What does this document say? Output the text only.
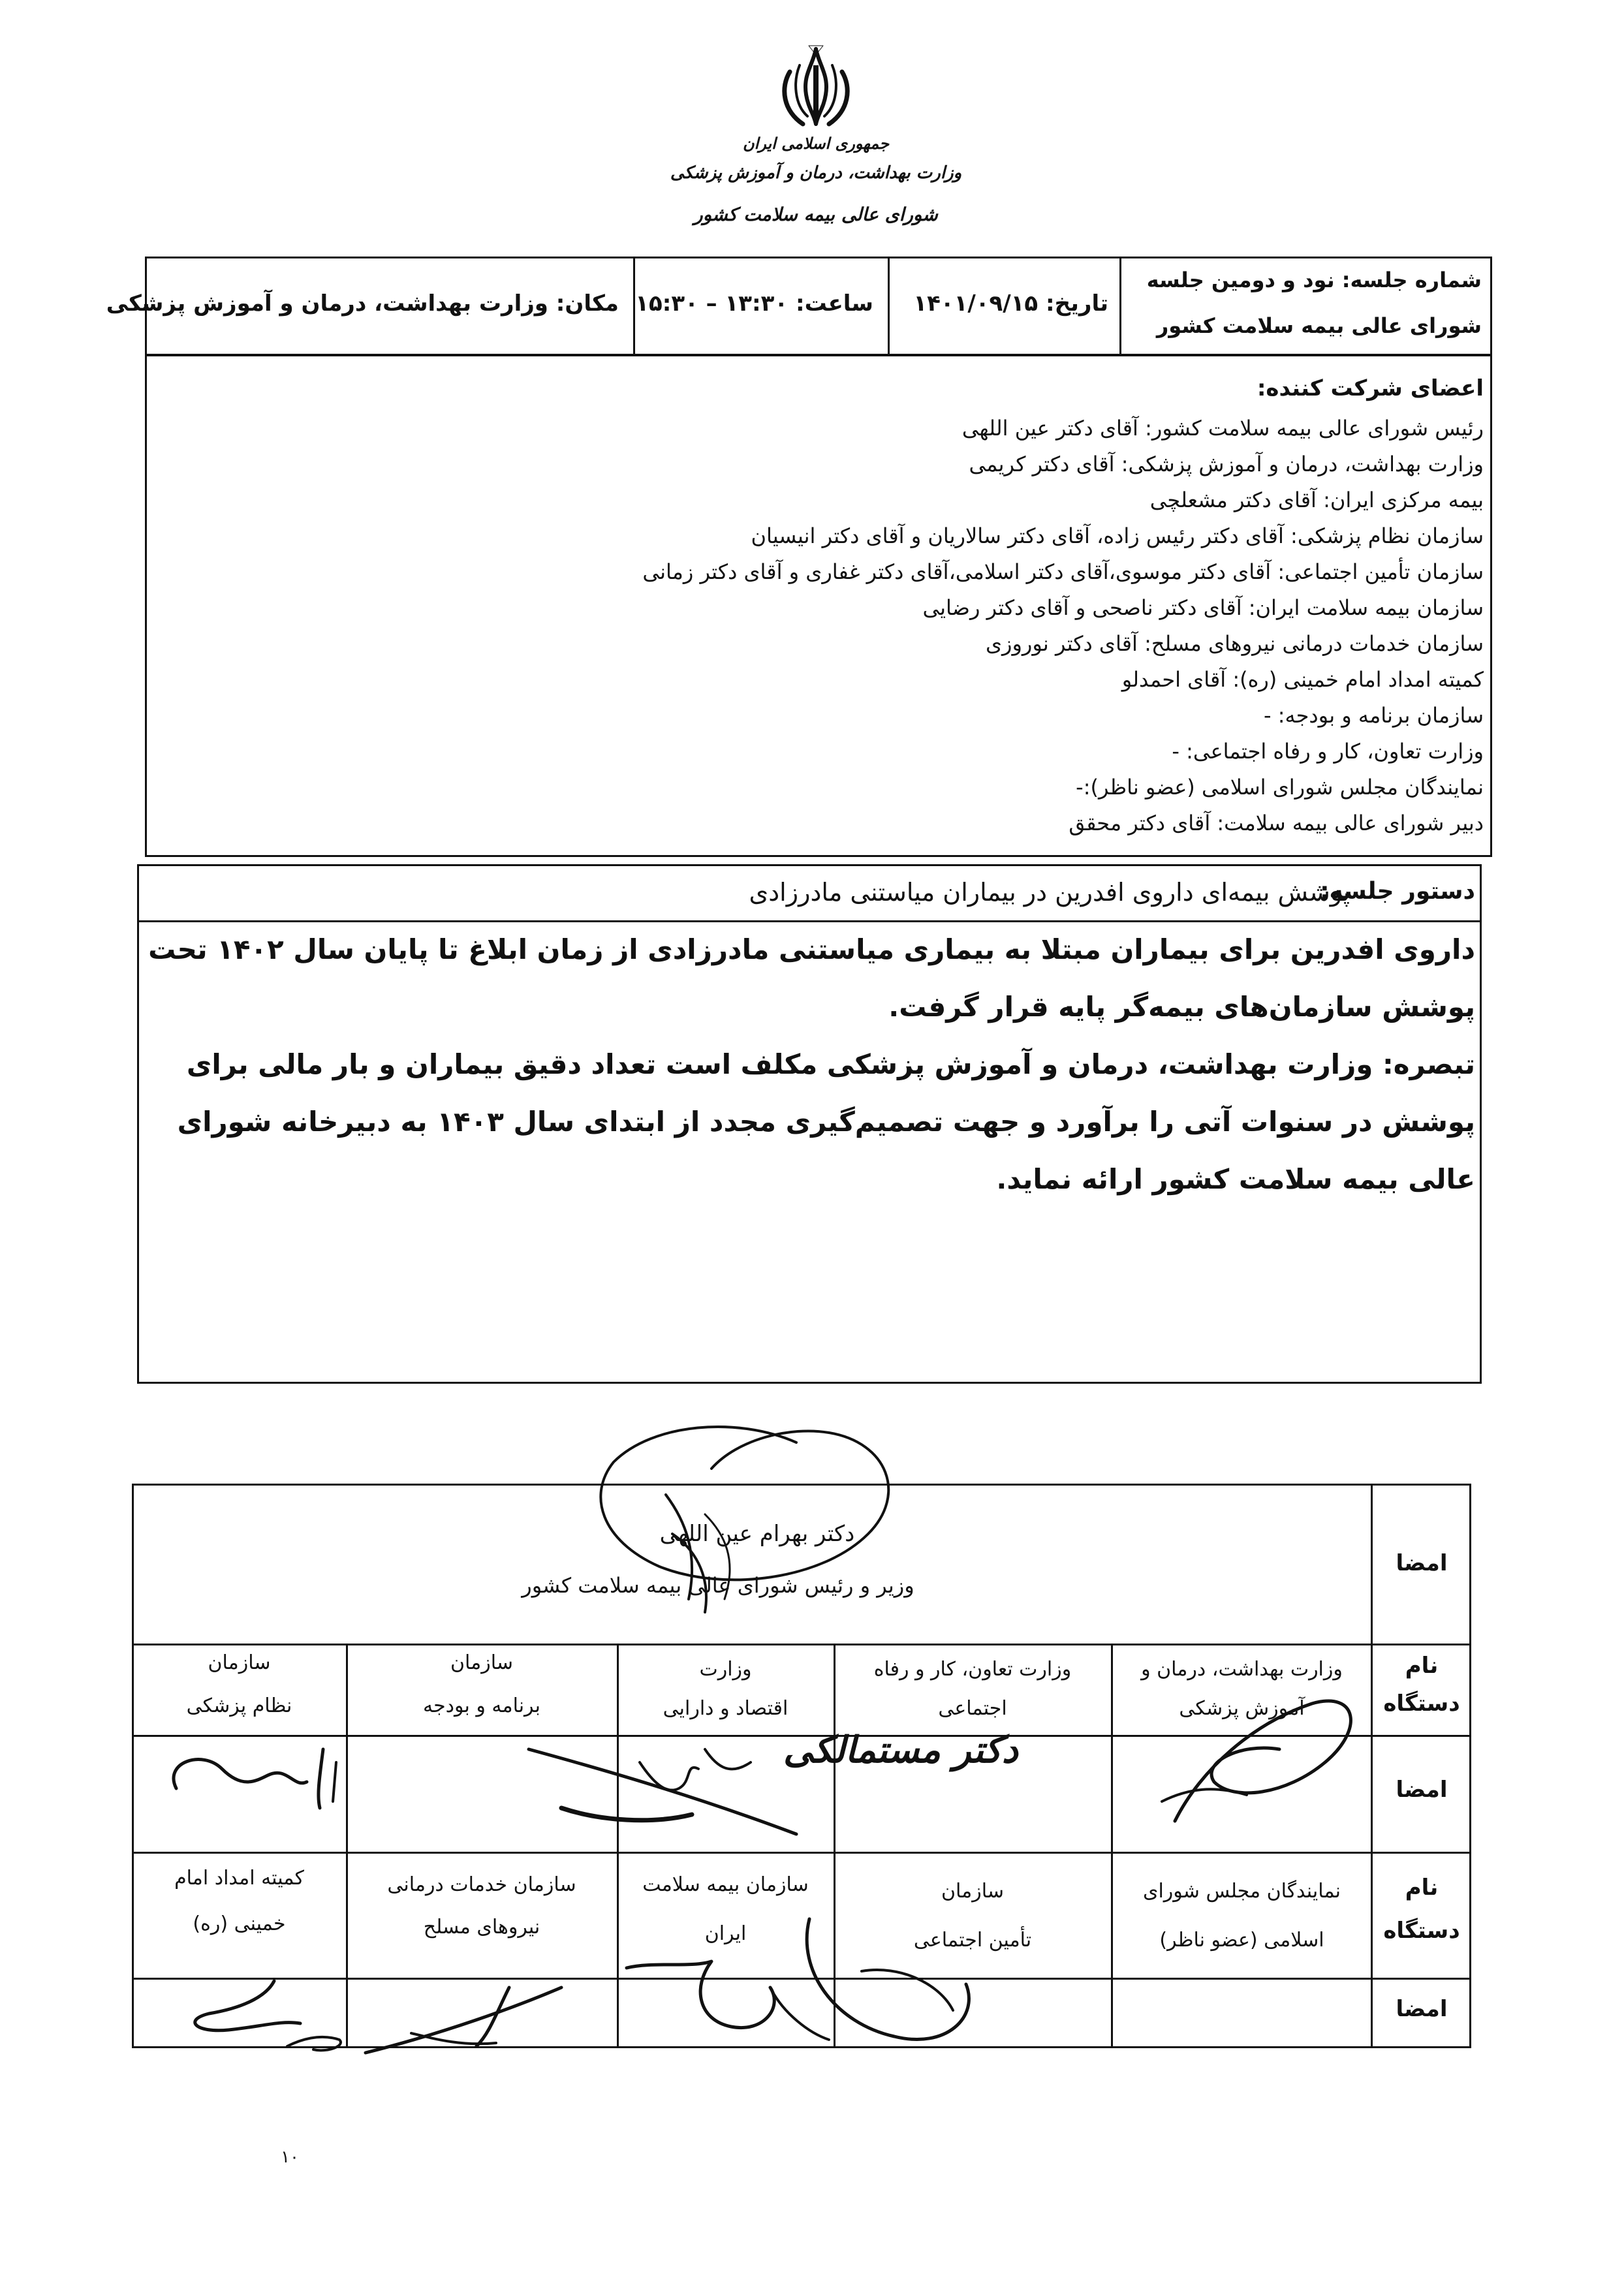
جمهوری اسلامی ایران
وزارت بهداشت، درمان و آموزش پزشکی
شورای عالی بیمه سلامت کشور
شماره جلسه: نود و دومین جلسه
شورای عالی بیمه سلامت کشور
تاریخ: ۱۴۰۱/۰۹/۱۵
ساعت: ۱۳:۳۰ – ۱۵:۳۰
مکان: وزارت بهداشت، درمان و آموزش پزشکی
اعضای شرکت کننده:
رئیس شورای عالی بیمه سلامت کشور: آقای دکتر عین اللهی
وزارت بهداشت، درمان و آموزش پزشکی: آقای دکتر کریمی
بیمه مرکزی ایران: آقای دکتر مشعلچی
سازمان نظام پزشکی: آقای دکتر رئیس زاده، آقای دکتر سالاریان و آقای دکتر انیسیان
سازمان تأمین اجتماعی: آقای دکتر موسوی،آقای دکتر اسلامی،آقای دکتر غفاری و آقای دکتر زمانی
سازمان بیمه سلامت ایران: آقای دکتر ناصحی و آقای دکتر رضایی
سازمان خدمات درمانی نیروهای مسلح: آقای دکتر نوروزی
کمیته امداد امام خمینی (ره): آقای احمدلو
سازمان برنامه و بودجه: -
وزارت تعاون، کار و رفاه اجتماعی: -
نمایندگان مجلس شورای اسلامی (عضو ناظر):-
دبیر شورای عالی بیمه سلامت: آقای دکتر محقق
دستور جلسه:
پوشش بیمه‌ای داروی افدرین در بیماران میاستنی مادرزادی
داروی افدرین برای بیماران مبتلا به بیماری میاستنی مادرزادی از زمان ابلاغ تا پایان سال ۱۴۰۲ تحت
پوشش سازمان‌های بیمه‌گر پایه قرار گرفت.
تبصره: وزارت بهداشت، درمان و آموزش پزشکی مکلف است تعداد دقیق بیماران و بار مالی برای
پوشش در سنوات آتی را برآورد و جهت تصمیم‌گیری مجدد از ابتدای سال ۱۴۰۳ به دبیرخانه شورای
عالی بیمه سلامت کشور ارائه نماید.
امضا
نام
دستگاه
امضا
نام
دستگاه
امضا
دکتر بهرام عین اللهی
وزیر و رئیس شورای عالی بیمه سلامت کشور
وزارت بهداشت، درمان و
آموزش پزشکی
وزارت تعاون، کار و رفاه
اجتماعی
وزارت
اقتصاد و دارایی
سازمان
برنامه و بودجه
سازمان
نظام پزشکی
نمایندگان مجلس شورای
اسلامی (عضو ناظر)
سازمان
تأمین اجتماعی
سازمان بیمه سلامت
ایران
سازمان خدمات درمانی
نیروهای مسلح
کمیته امداد امام
خمینی (ره)
دکتر مستمالکی
۱۰
